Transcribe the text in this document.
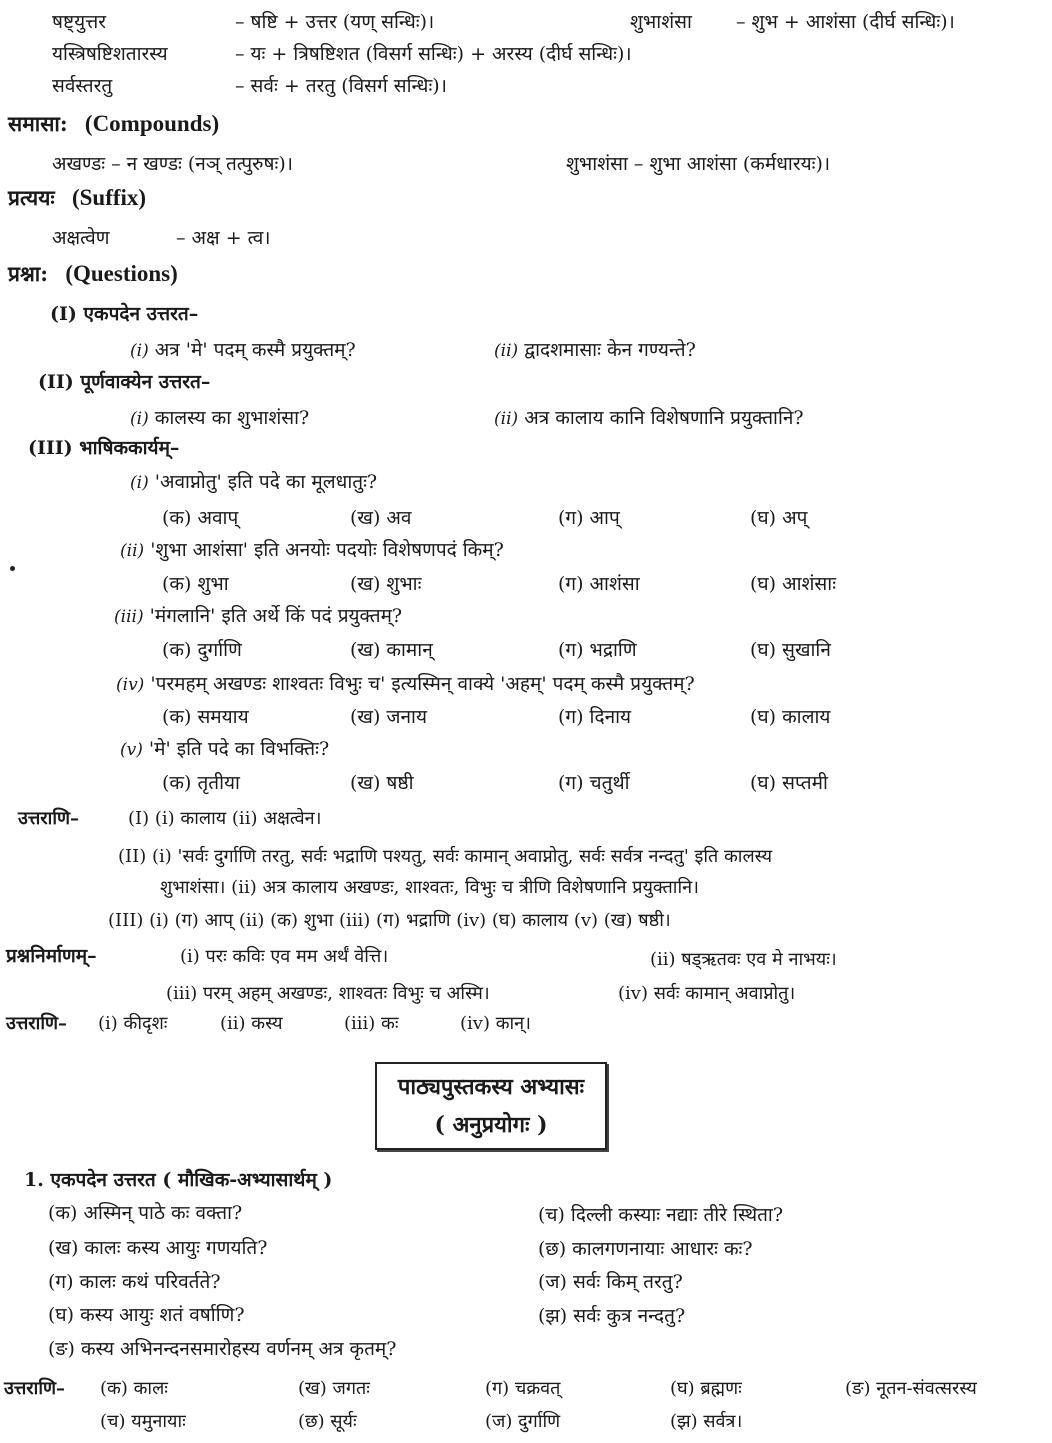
षष्ट्युत्तर	– षष्टि + उत्तर (यण् सन्धिः)।	शुभाशंसा – शुभ + आशंसा (दीर्घ सन्धिः)।
यस्त्रिषष्टिशतारस्य	– यः + त्रिषष्टिशत (विसर्ग सन्धिः) + अरस्य (दीर्घ सन्धिः)।
सर्वस्तरतु	– सर्वः + तरतु (विसर्ग सन्धिः)।
समासा: (Compounds)
अखण्डः – न खण्डः (नञ् तत्पुरुषः)।	शुभाशंसा – शुभा आशंसा (कर्मधारयः)।
प्रत्ययः (Suffix)
अक्षत्वेण	– अक्ष + त्व।
प्रश्ना: (Questions)
(I) एकपदेन उत्तरत–
(i) अत्र 'मे' पदम् कस्मै प्रयुक्तम्?	(ii) द्वादशमासाः केन गण्यन्ते?
(II) पूर्णवाक्येन उत्तरत–
(i) कालस्य का शुभाशंसा?	(ii) अत्र कालाय कानि विशेषणानि प्रयुक्तानि?
(III) भाषिककार्यम्–
(i) 'अवाप्नोतु' इति पदे का मूलधातुः?
(क) अवाप्	(ख) अव	(ग) आप्	(घ) अप्
(ii) 'शुभा आशंसा' इति अनयोः पदयोः विशेषणपदं किम्?
(क) शुभा	(ख) शुभाः	(ग) आशंसा	(घ) आशंसाः
(iii) 'मंगलानि' इति अर्थे किं पदं प्रयुक्तम्?
(क) दुर्गाणि	(ख) कामान्	(ग) भद्राणि	(घ) सुखानि
(iv) 'परमहम् अखण्डः शाश्वतः विभुः च' इत्यस्मिन् वाक्ये 'अहम्' पदम् कस्मै प्रयुक्तम्?
(क) समयाय	(ख) जनाय	(ग) दिनाय	(घ) कालाय
(v) 'मे' इति पदे का विभक्तिः?
(क) तृतीया	(ख) षष्ठी	(ग) चतुर्थी	(घ) सप्तमी
उत्तराणि–	(I) (i) कालाय (ii) अक्षत्वेन।
(II) (i) 'सर्वः दुर्गाणि तरतु, सर्वः भद्राणि पश्यतु, सर्वः कामान् अवाप्नोतु, सर्वः सर्वत्र नन्दतु' इति कालस्य
शुभाशंसा। (ii) अत्र कालाय अखण्डः, शाश्वतः, विभुः च त्रीणि विशेषणानि प्रयुक्तानि।
(III) (i) (ग) आप् (ii) (क) शुभा (iii) (ग) भद्राणि (iv) (घ) कालाय (v) (ख) षष्ठी।
प्रश्ननिर्माणम्–	(i) परः कविः एव मम अर्थं वेत्ति।	(ii) षड्ऋतवः एव मे नाभयः।
(iii) परम् अहम् अखण्डः, शाश्वतः विभुः च अस्मि।	(iv) सर्वः कामान् अवाप्नोतु।
उत्तराणि– (i) कीदृशः	(ii) कस्य	(iii) कः	(iv) कान्।
पाठ्यपुस्तकस्य अभ्यासः
( अनुप्रयोगः )
1. एकपदेन उत्तरत ( मौखिक-अभ्यासार्थम् )
(क) अस्मिन् पाठे कः वक्ता?
(ख) कालः कस्य आयुः गणयति?
(ग) कालः कथं परिवर्तते?
(घ) कस्य आयुः शतं वर्षाणि?
(ङ) कस्य अभिनन्दनसमारोहस्य वर्णनम् अत्र कृतम्?
(च) दिल्ली कस्याः नद्याः तीरे स्थिता?
(छ) कालगणनायाः आधारः कः?
(ज) सर्वः किम् तरतु?
(झ) सर्वः कुत्र नन्दतु?
उत्तराणि– (क) कालः	(ख) जगतः	(ग) चक्रवत्	(घ) ब्रह्मणः	(ङ) नूतन-संवत्सरस्य
(च) यमुनायाः	(छ) सूर्यः	(ज) दुर्गाणि	(झ) सर्वत्र।
